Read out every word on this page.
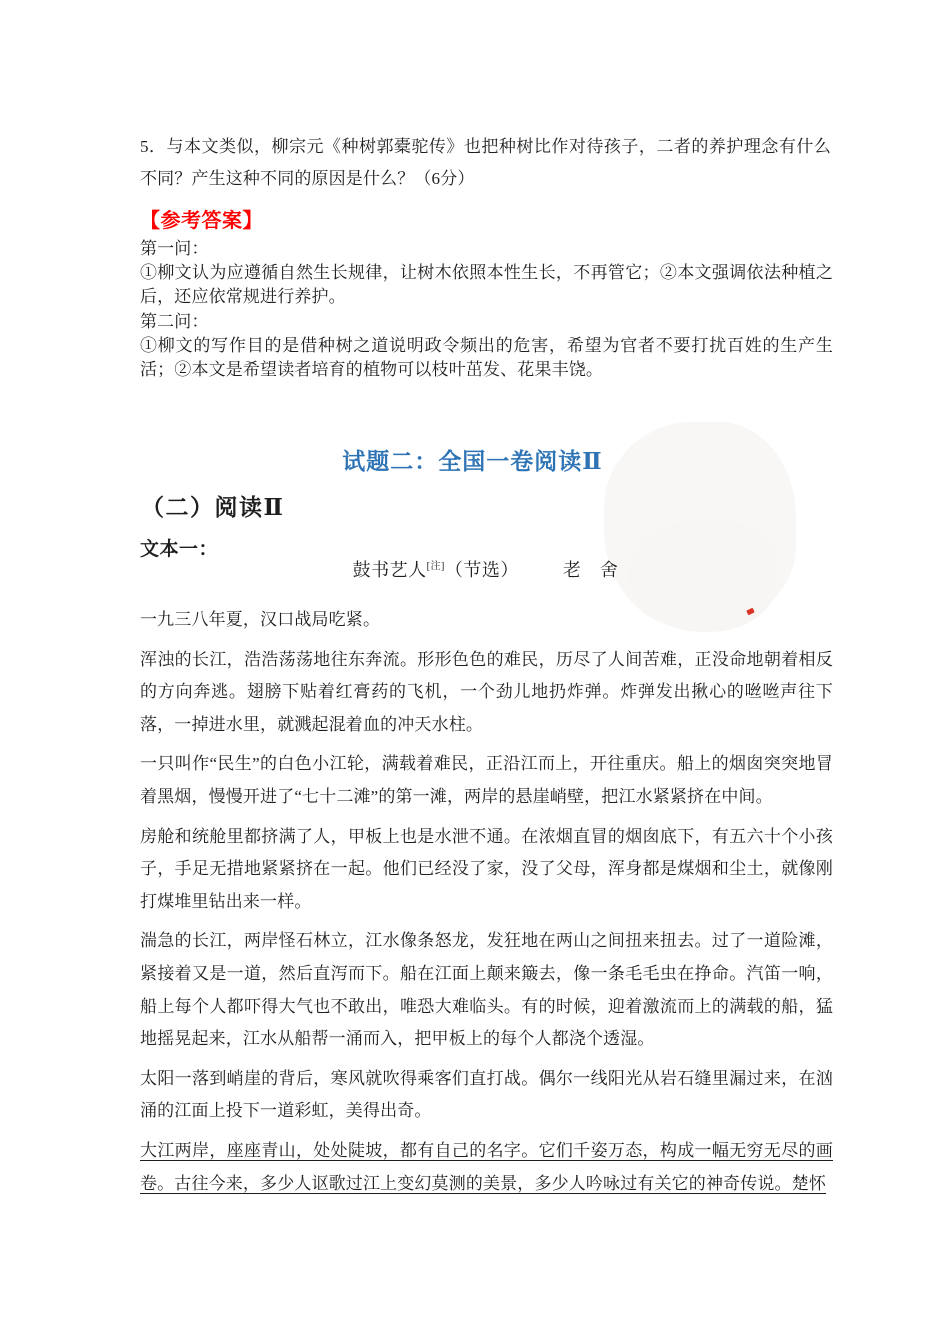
5．与本文类似，柳宗元《种树郭橐驼传》也把种树比作对待孩子，二者的养护理念有什么不同？产生这种不同的原因是什么？（6分）
【参考答案】

第一问：

①柳文认为应遵循自然生长规律，让树木依照本性生长，不再管它；②本文强调依法种植之后，还应依常规进行养护。

第二问：

①柳文的写作目的是借种树之道说明政令频出的危害，希望为官者不要打扰百姓的生产生活；②本文是希望读者培育的植物可以枝叶茁发、花果丰饶。

试题二：全国一卷阅读Ⅱ
（二）阅读Ⅱ
文本一：
鼓书艺人[注]（节选） 老　舍

一九三八年夏，汉口战局吃紧。

浑浊的长江，浩浩荡荡地往东奔流。形形色色的难民，历尽了人间苦难，正没命地朝着相反的方向奔逃。翅膀下贴着红膏药的飞机，一个劲儿地扔炸弹。炸弹发出揪心的咝咝声往下落，一掉进水里，就溅起混着血的冲天水柱。

一只叫作“民生”的白色小江轮，满载着难民，正沿江而上，开往重庆。船上的烟囱突突地冒着黑烟，慢慢开进了“七十二滩”的第一滩，两岸的悬崖峭壁，把江水紧紧挤在中间。

房舱和统舱里都挤满了人，甲板上也是水泄不通。在浓烟直冒的烟囱底下，有五六十个小孩子，手足无措地紧紧挤在一起。他们已经没了家，没了父母，浑身都是煤烟和尘土，就像刚打煤堆里钻出来一样。

湍急的长江，两岸怪石林立，江水像条怒龙，发狂地在两山之间扭来扭去。过了一道险滩，紧接着又是一道，然后直泻而下。船在江面上颠来簸去，像一条毛毛虫在挣命。汽笛一响，船上每个人都吓得大气也不敢出，唯恐大难临头。有的时候，迎着激流而上的满载的船，猛地摇晃起来，江水从船帮一涌而入，把甲板上的每个人都浇个透湿。

太阳一落到峭崖的背后，寒风就吹得乘客们直打战。偶尔一线阳光从岩石缝里漏过来，在汹涌的江面上投下一道彩虹，美得出奇。

大江两岸，座座青山，处处陡坡，都有自己的名字。它们千姿万态，构成一幅无穷无尽的画卷。古往今来，多少人讴歌过江上变幻莫测的美景，多少人吟咏过有关它的神奇传说。楚怀
